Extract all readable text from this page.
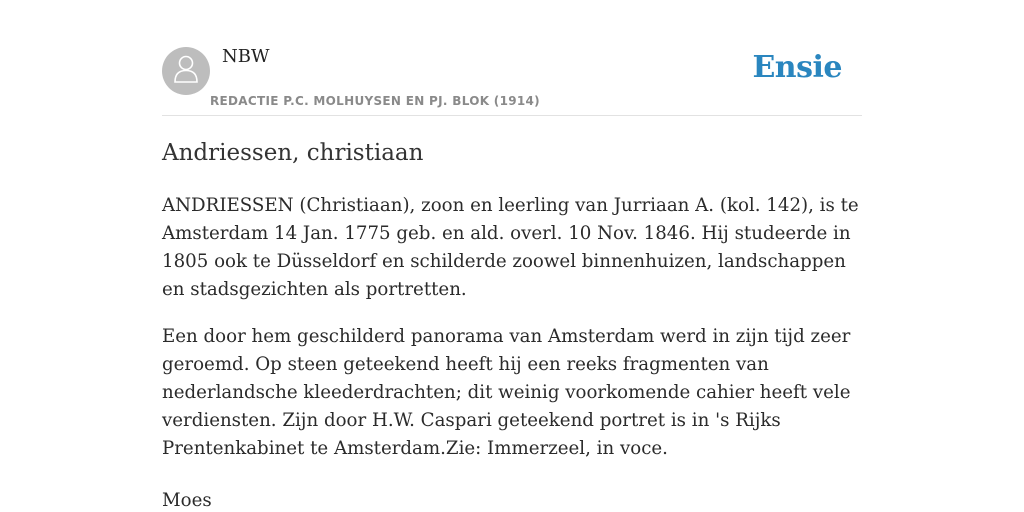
NBW
REDACTIE P.C. MOLHUYSEN EN PJ. BLOK (1914)
Ensie
Andriessen, christiaan

ANDRIESSEN (Christiaan), zoon en leerling van Jurriaan A. (kol. 142), is te Amsterdam 14 Jan. 1775 geb. en ald. overl. 10 Nov. 1846. Hij studeerde in 1805 ook te Düsseldorf en schilderde zoowel binnenhuizen, landschappen en stadsgezichten als portretten.

Een door hem geschilderd panorama van Amsterdam werd in zijn tijd zeer geroemd. Op steen geteekend heeft hij een reeks fragmenten van nederlandsche kleederdrachten; dit weinig voorkomende cahier heeft vele verdiensten. Zijn door H.W. Caspari geteekend portret is in 's Rijks Prentenkabinet te Amsterdam.Zie: Immerzeel, in voce.

Moes
